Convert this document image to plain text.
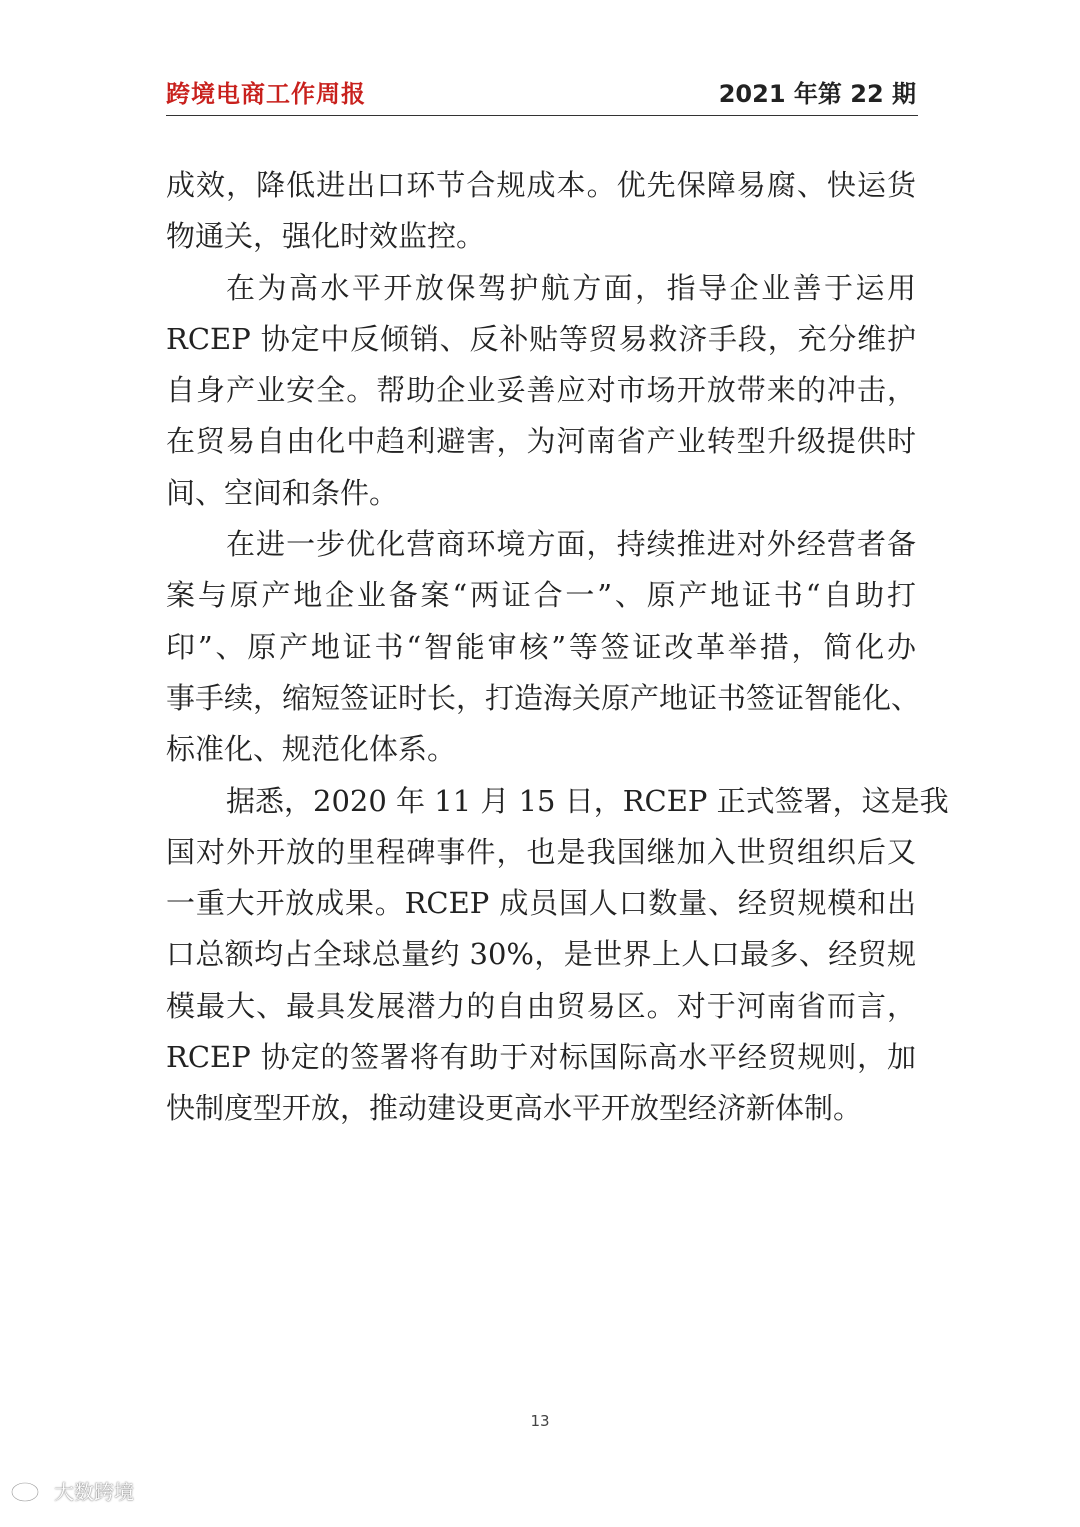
跨境电商工作周报	2021 年第 22 期
成效，降低进出口环节合规成本。优先保障易腐、快运货
物通关，强化时效监控。
在为高水平开放保驾护航方面，指导企业善于运用
RCEP 协定中反倾销、反补贴等贸易救济手段，充分维护
自身产业安全。帮助企业妥善应对市场开放带来的冲击，
在贸易自由化中趋利避害，为河南省产业转型升级提供时
间、空间和条件。
在进一步优化营商环境方面，持续推进对外经营者备
案与原产地企业备案“两证合一”、原产地证书“自助打
印”、原产地证书“智能审核”等签证改革举措，简化办
事手续，缩短签证时长，打造海关原产地证书签证智能化、
标准化、规范化体系。
据悉，2020 年 11 月 15 日，RCEP 正式签署，这是我
国对外开放的里程碑事件，也是我国继加入世贸组织后又
一重大开放成果。RCEP 成员国人口数量、经贸规模和出
口总额均占全球总量约 30%，是世界上人口最多、经贸规
模最大、最具发展潜力的自由贸易区。对于河南省而言，
RCEP 协定的签署将有助于对标国际高水平经贸规则，加
快制度型开放，推动建设更高水平开放型经济新体制。
13
大数跨境
